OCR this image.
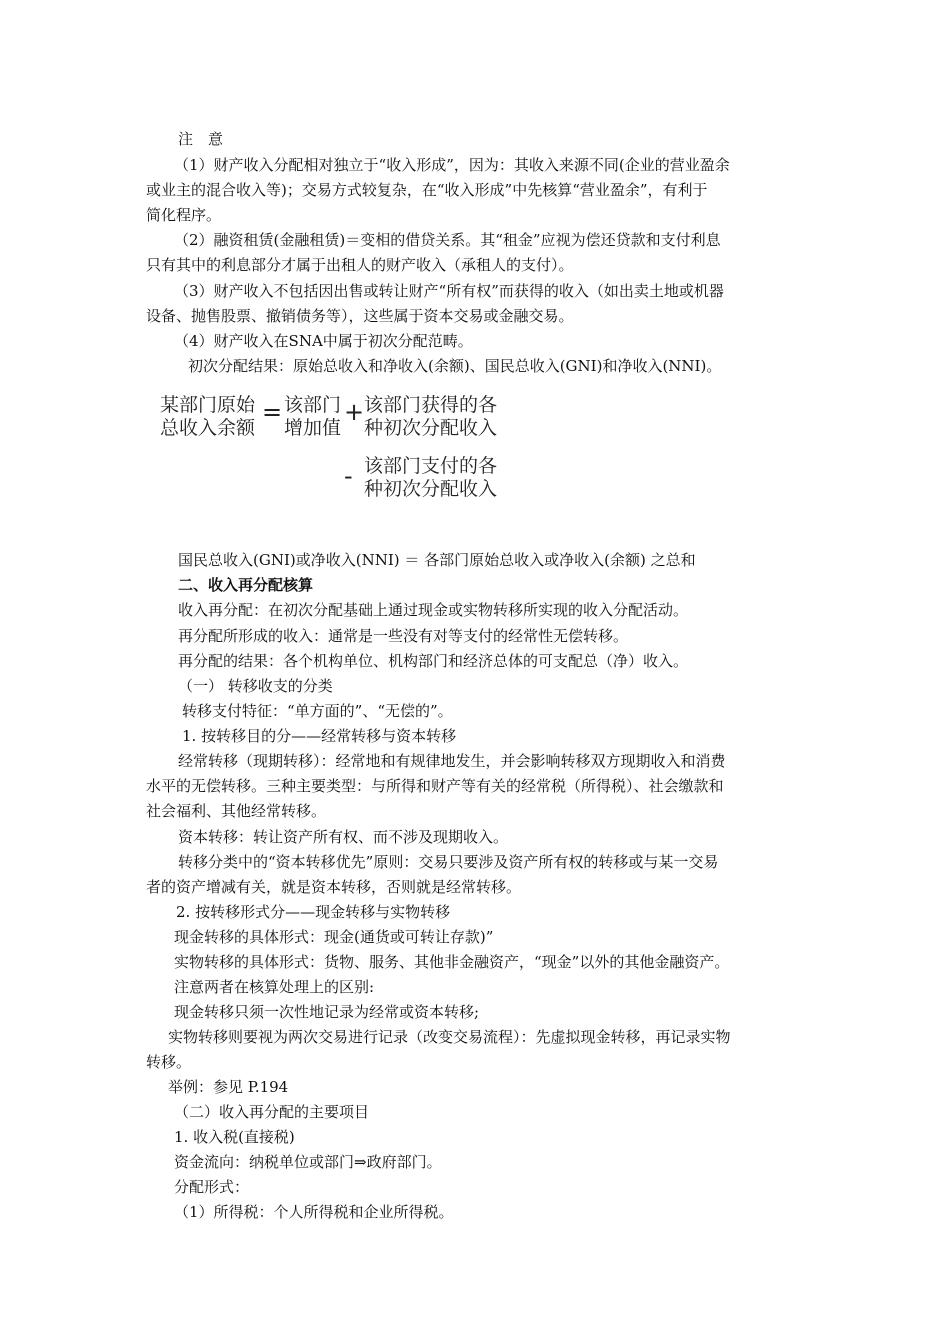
注　意
（1）财产收入分配相对独立于“收入形成”，因为：其收入来源不同(企业的营业盈余
或业主的混合收入等)；交易方式较复杂，在“收入形成”中先核算“营业盈余”，有利于
简化程序。
（2）融资租赁(金融租赁)＝变相的借贷关系。其“租金”应视为偿还贷款和支付利息
只有其中的利息部分才属于出租人的财产收入（承租人的支付）。
（3）财产收入不包括因出售或转让财产“所有权”而获得的收入（如出卖土地或机器
设备、抛售股票、撤销债务等），这些属于资本交易或金融交易。
（4）财产收入在SNA中属于初次分配范畴。
初次分配结果：原始总收入和净收入(余额)、国民总收入(GNI)和净收入(NNI)。
某部门原始
总收入余额
= 该部门
增加值
+ 该部门获得的各
种初次分配收入
- 该部门支付的各
种初次分配收入
国民总收入(GNI)或净收入(NNI) ＝ 各部门原始总收入或净收入(余额) 之总和
二、收入再分配核算
收入再分配：在初次分配基础上通过现金或实物转移所实现的收入分配活动。
再分配所形成的收入：通常是一些没有对等支付的经常性无偿转移。
再分配的结果：各个机构单位、机构部门和经济总体的可支配总（净）收入。
（一） 转移收支的分类
转移支付特征：“单方面的”、“无偿的”。
1. 按转移目的分——经常转移与资本转移
经常转移（现期转移）：经常地和有规律地发生，并会影响转移双方现期收入和消费
水平的无偿转移。三种主要类型：与所得和财产等有关的经常税（所得税）、社会缴款和
社会福利、其他经常转移。
资本转移：转让资产所有权、而不涉及现期收入。
转移分类中的“资本转移优先”原则：交易只要涉及资产所有权的转移或与某一交易
者的资产增减有关，就是资本转移，否则就是经常转移。
2. 按转移形式分——现金转移与实物转移
现金转移的具体形式：现金(通货或可转让存款)”
实物转移的具体形式：货物、服务、其他非金融资产，“现金”以外的其他金融资产。
注意两者在核算处理上的区别:
现金转移只须一次性地记录为经常或资本转移;
实物转移则要视为两次交易进行记录（改变交易流程）：先虚拟现金转移，再记录实物
转移。
举例：参见 P.194
（二）收入再分配的主要项目
1. 收入税(直接税)
资金流向：纳税单位或部门⇒政府部门。
分配形式：
（1）所得税：个人所得税和企业所得税。
